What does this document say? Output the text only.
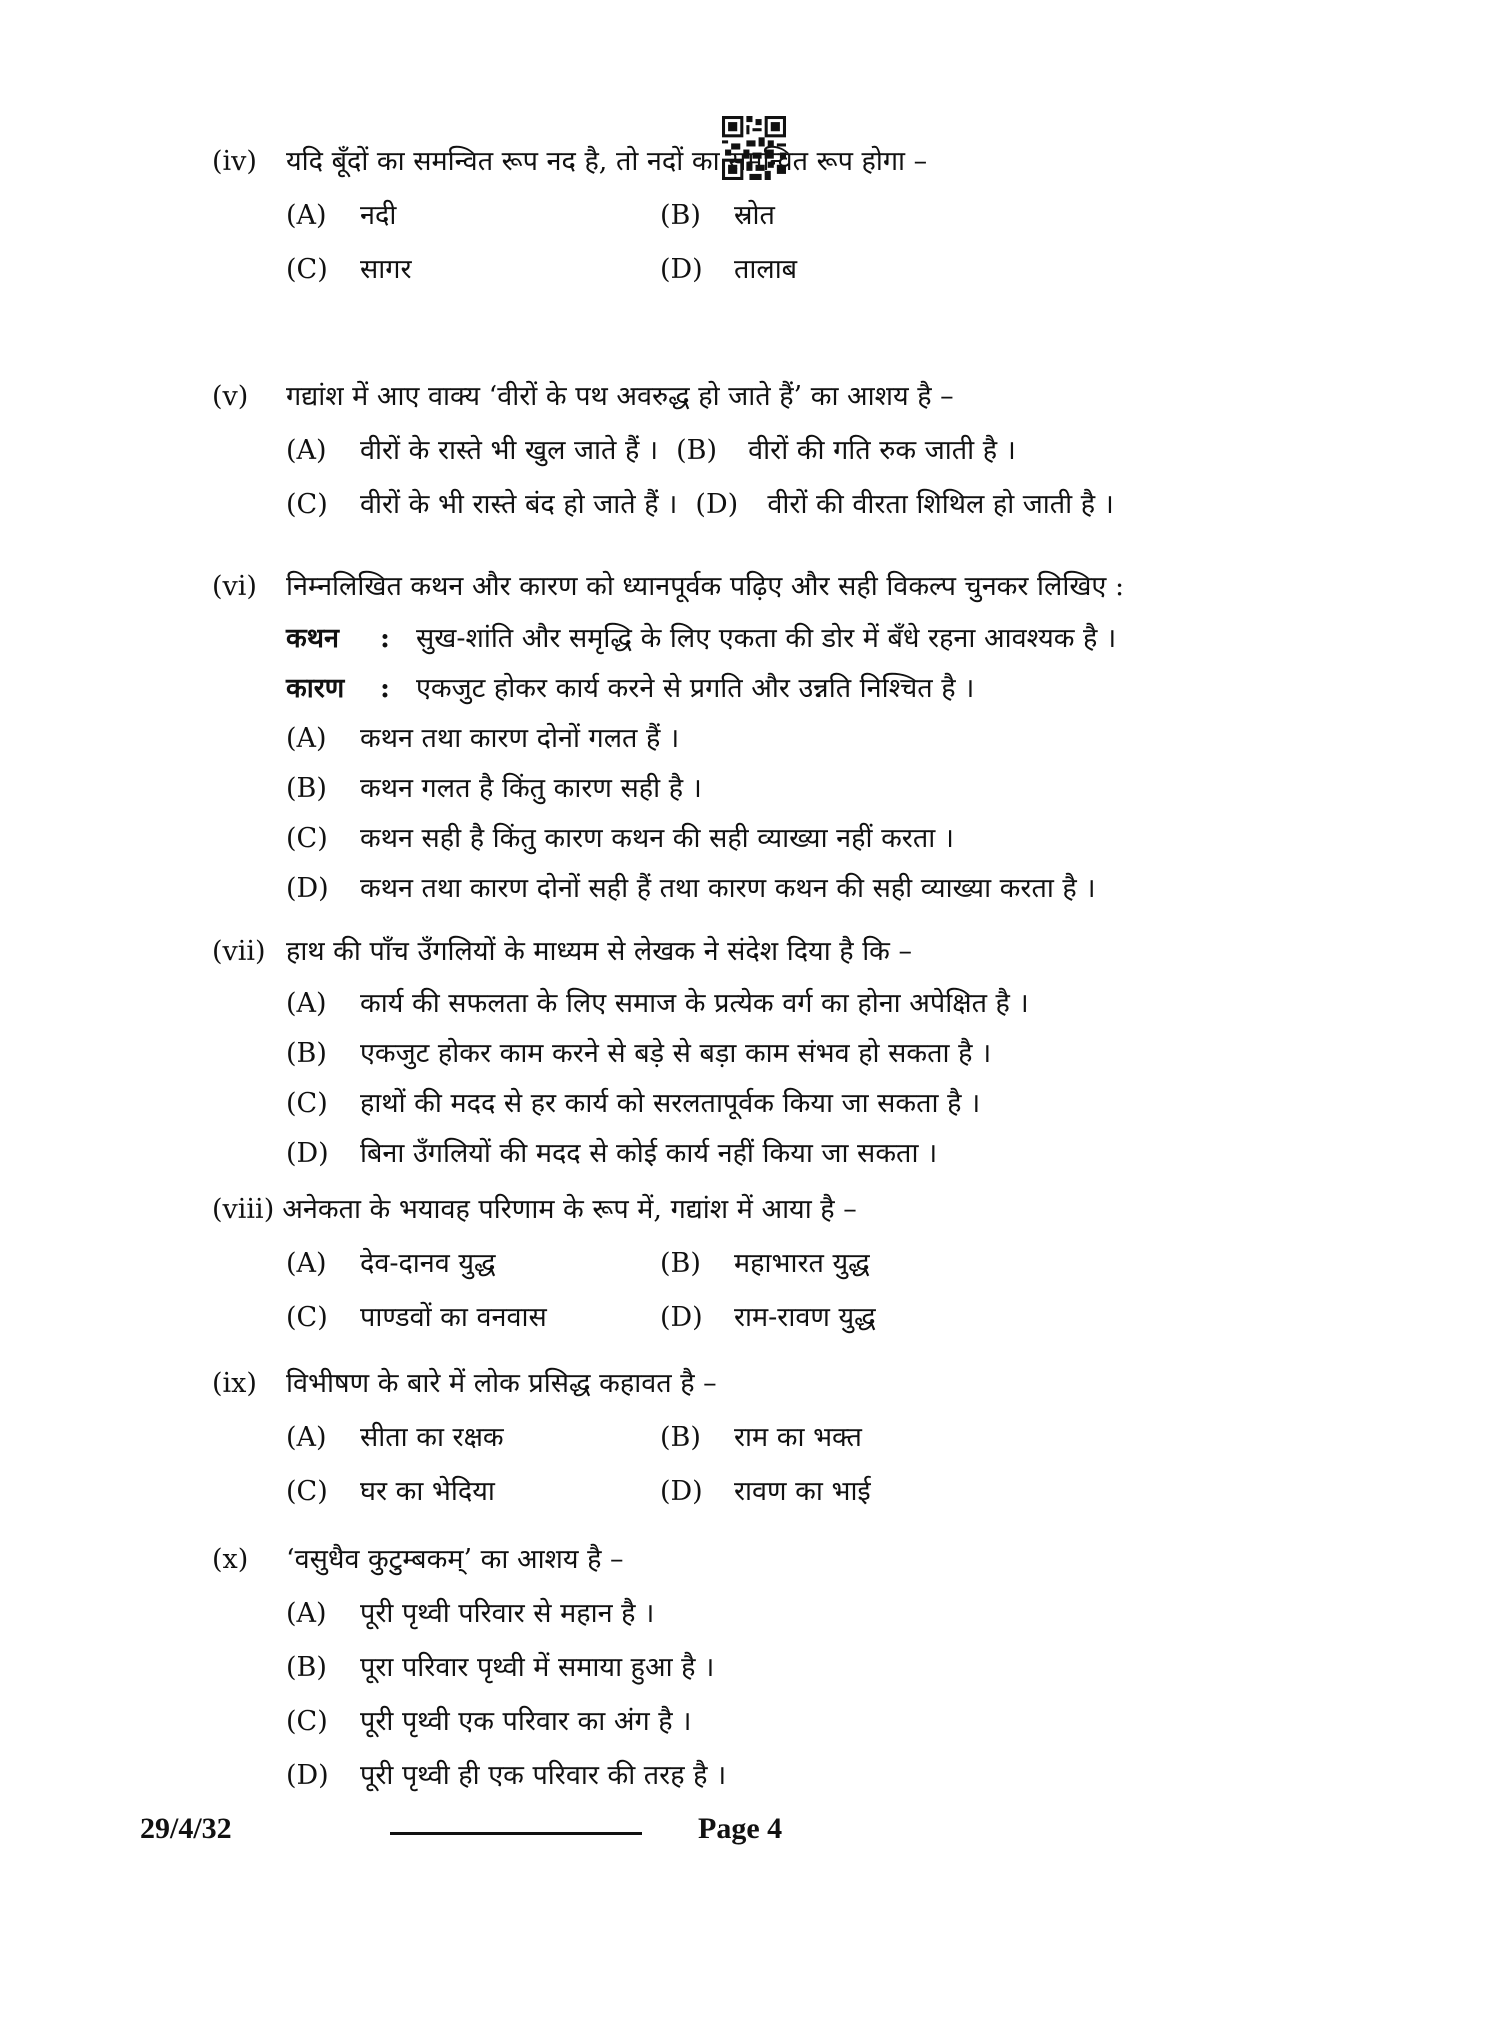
(iv)	यदि बूँदों का समन्वित रूप नद है, तो नदों का समन्वित रूप होगा –
(A)	नदी	(B)	स्रोत
(C)	सागर	(D)	तालाब
(v)	गद्यांश में आए वाक्य ‘वीरों के पथ अवरुद्ध हो जाते हैं’ का आशय है –
(A)	वीरों के रास्ते भी खुल जाते हैं । (B)	वीरों की गति रुक जाती है ।
(C)	वीरों के भी रास्ते बंद हो जाते हैं । (D)	वीरों की वीरता शिथिल हो जाती है ।
(vi)	निम्नलिखित कथन और कारण को ध्यानपूर्वक पढ़िए और सही विकल्प चुनकर लिखिए :
कथन	: सुख-शांति और समृद्धि के लिए एकता की डोर में बँधे रहना आवश्यक है ।
कारण	: एकजुट होकर कार्य करने से प्रगति और उन्नति निश्चित है ।
(A)	कथन तथा कारण दोनों गलत हैं ।
(B)	कथन गलत है किंतु कारण सही है ।
(C)	कथन सही है किंतु कारण कथन की सही व्याख्या नहीं करता ।
(D)	कथन तथा कारण दोनों सही हैं तथा कारण कथन की सही व्याख्या करता है ।
(vii) हाथ की पाँच उँगलियों के माध्यम से लेखक ने संदेश दिया है कि –
(A)	कार्य की सफलता के लिए समाज के प्रत्येक वर्ग का होना अपेक्षित है ।
(B)	एकजुट होकर काम करने से बड़े से बड़ा काम संभव हो सकता है ।
(C)	हाथों की मदद से हर कार्य को सरलतापूर्वक किया जा सकता है ।
(D)	बिना उँगलियों की मदद से कोई कार्य नहीं किया जा सकता ।
(viii) अनेकता के भयावह परिणाम के रूप में, गद्यांश में आया है –
(A)	देव-दानव युद्ध	(B)	महाभारत युद्ध
(C)	पाण्डवों का वनवास	(D)	राम-रावण युद्ध
(ix)	विभीषण के बारे में लोक प्रसिद्ध कहावत है –
(A)	सीता का रक्षक	(B)	राम का भक्त
(C)	घर का भेदिया	(D)	रावण का भाई
(x)	‘वसुधैव कुटुम्बकम्’ का आशय है –
(A)	पूरी पृथ्वी परिवार से महान है ।
(B)	पूरा परिवार पृथ्वी में समाया हुआ है ।
(C)	पूरी पृथ्वी एक परिवार का अंग है ।
(D)	पूरी पृथ्वी ही एक परिवार की तरह है ।
29/4/32	Page 4
